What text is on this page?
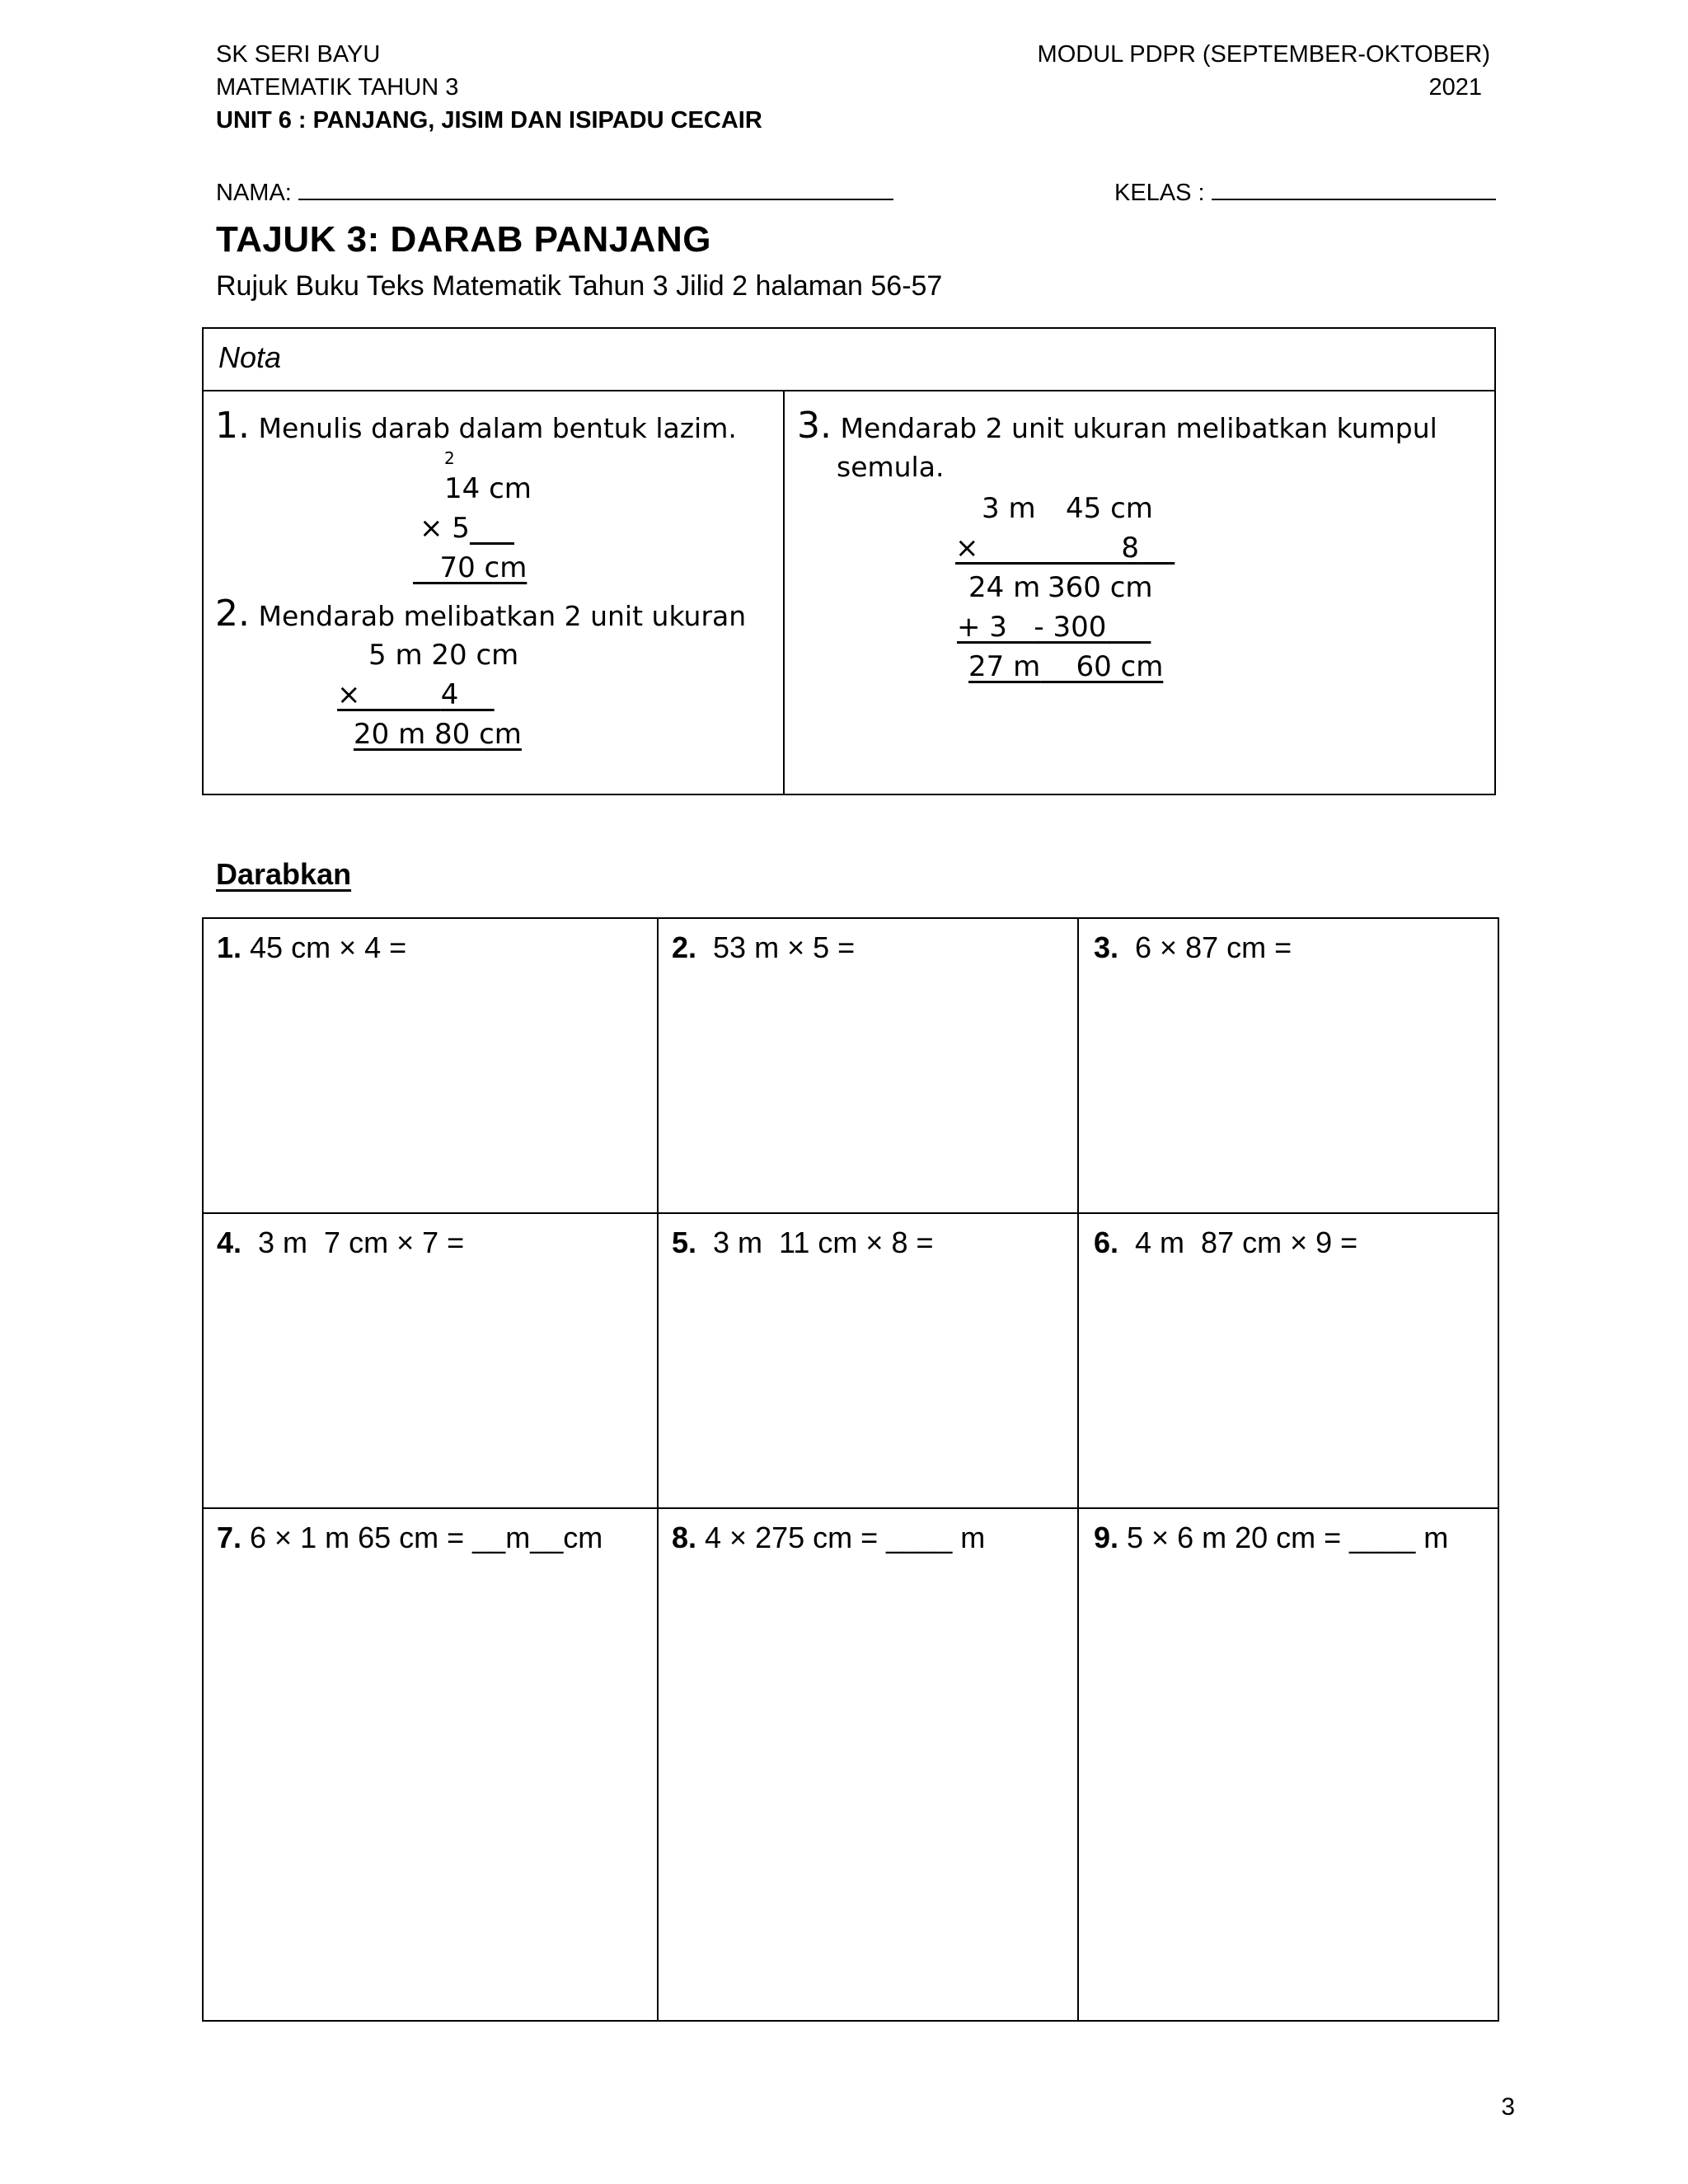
SK SERI BAYU
MATEMATIK TAHUN 3
UNIT 6 : PANJANG, JISIM DAN ISIPADU CECAIR
MODUL PDPR (SEPTEMBER-OKTOBER)
2021
NAMA:	KELAS :
TAJUK 3: DARAB PANJANG
Rujuk Buku Teks Matematik Tahun 3 Jilid 2 halaman 56-57
Nota
1. Menulis darab dalam bentuk lazim.
2
14 cm
× 5
70 cm
2. Mendarab melibatkan 2 unit ukuran
5 m 20 cm
×	4
20 m 80 cm
3. Mendarab 2 unit ukuran melibatkan kumpul
semula.
3 m 45 cm
×	8
24 m 360 cm
+ 3 - 300
27 m 60 cm
Darabkan
1. 45 cm × 4 =	2.  53 m × 5 =	3.  6 × 87 cm =
4.  3 m  7 cm × 7 =	5.  3 m  11 cm × 8 =	6.  4 m  87 cm × 9 =
7. 6 × 1 m 65 cm = __m__cm 8. 4 × 275 cm = ____ m	9. 5 × 6 m 20 cm = ____ m
3
